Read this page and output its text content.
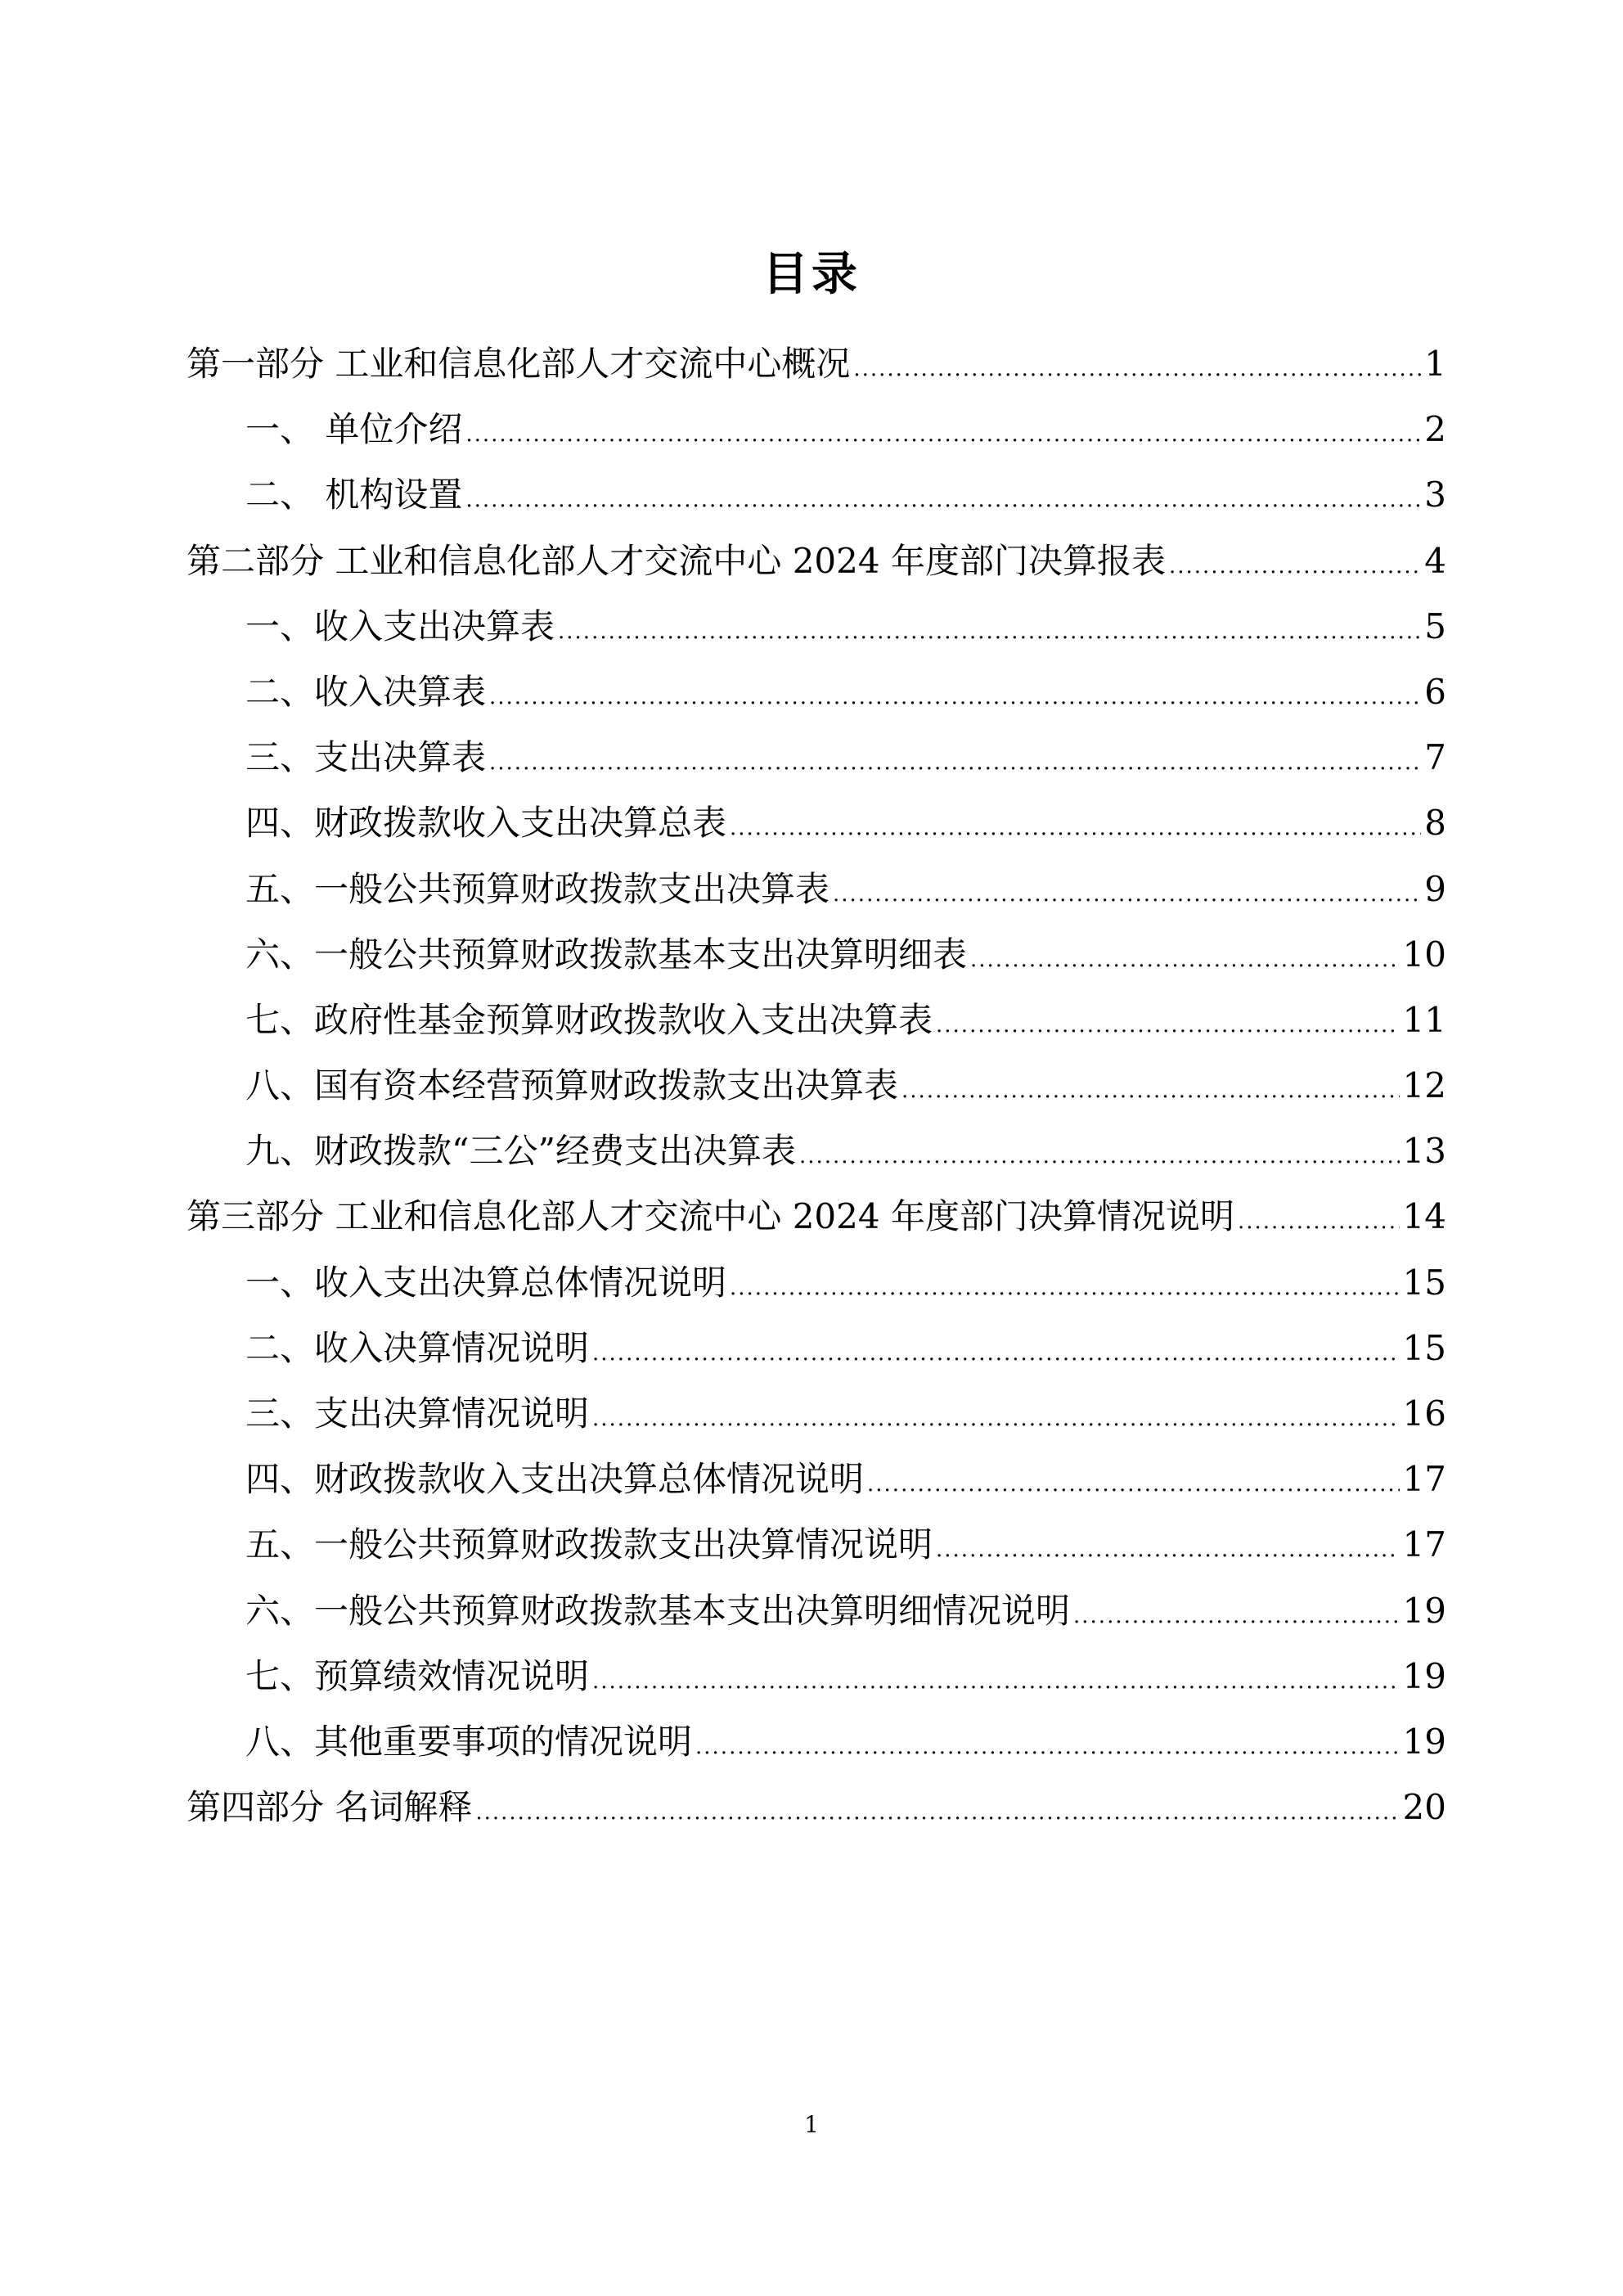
目录
第一部分 工业和信息化部人才交流中心概况 .....	1
一、 单位介绍 .....	2
二、 机构设置 .....	3
第二部分 工业和信息化部人才交流中心 2024 年度部门决算报表 .....	4
一、收入支出决算表 .....	5
二、收入决算表 .....	6
三、支出决算表 .....	7
四、财政拨款收入支出决算总表 .....	8
五、一般公共预算财政拨款支出决算表 .....	9
六、一般公共预算财政拨款基本支出决算明细表 .....	10
七、政府性基金预算财政拨款收入支出决算表 .....	11
八、国有资本经营预算财政拨款支出决算表 .....	12
九、财政拨款“三公”经费支出决算表 .....	13
第三部分 工业和信息化部人才交流中心 2024 年度部门决算情况说明 .....	14
一、收入支出决算总体情况说明 .....	15
二、收入决算情况说明 .....	15
三、支出决算情况说明 .....	16
四、财政拨款收入支出决算总体情况说明 .....	17
五、一般公共预算财政拨款支出决算情况说明 .....	17
六、一般公共预算财政拨款基本支出决算明细情况说明 .....	19
七、预算绩效情况说明 .....	19
八、其他重要事项的情况说明 .....	19
第四部分 名词解释 .....	20
1
